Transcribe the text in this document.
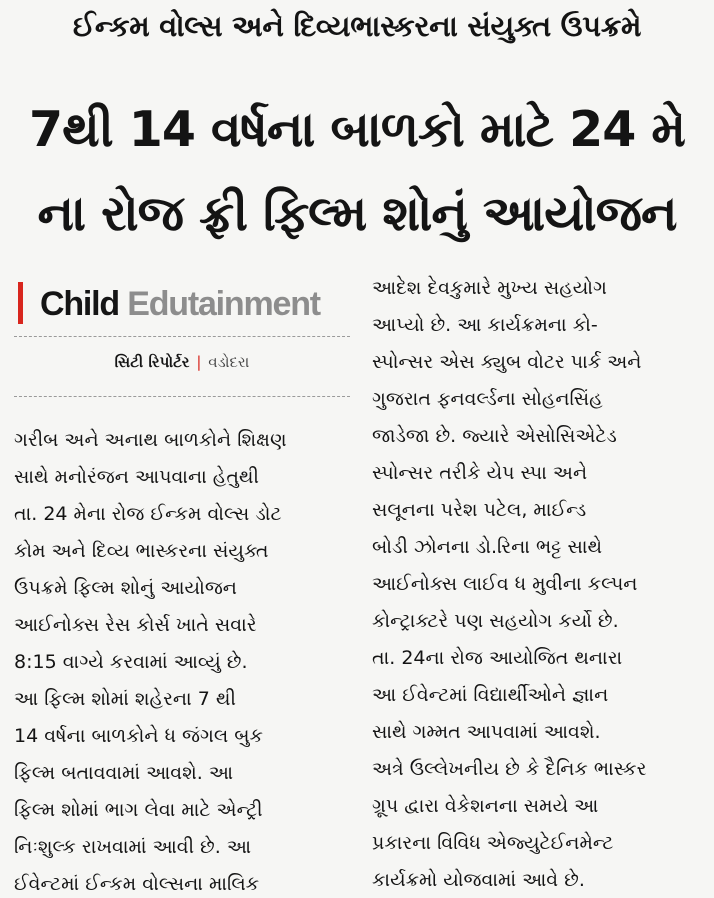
ઈન્કમ વોલ્સ અને દિવ્યભાસ્કરના સંયુક્ત ઉપક્રમે
7થી 14 વર્ષના બાળકો માટે 24 મે
ના રોજ ફ્રી ફિલ્મ શોનું આયોજન
Child Edutainment
સિટી રિપોર્ટર | વડોદરા
ગરીબ અને અનાથ બાળકોને શિક્ષણ
સાથે મનોરંજન આપવાના હેતુથી
તા. 24 મેના રોજ ઈન્કમ વોલ્સ ડોટ
કોમ અને દિવ્ય ભાસ્કરના સંયુક્ત
ઉપક્રમે ફિલ્મ શોનું આયોજન
આઈનોક્સ રેસ કોર્સ ખાતે સવારે
8:15 વાગ્યે કરવામાં આવ્યું છે.
આ ફિલ્મ શોમાં શહેરના 7 થી
14 વર્ષના બાળકોને ધ જંગલ બુક
ફિલ્મ બતાવવામાં આવશે. આ
ફિલ્મ શોમાં ભાગ લેવા માટે એન્ટ્રી
નિઃશુલ્ક રાખવામાં આવી છે. આ
ઈવેન્ટમાં ઈન્કમ વોલ્સના માલિક
આદેશ દેવકુમારે મુખ્ય સહયોગ
આપ્યો છે. આ કાર્યક્રમના કો-
સ્પોન્સર એસ ક્યુબ વોટર પાર્ક અને
ગુજરાત ફનવર્લ્ડના સોહનસિંહ
જાડેજા છે. જ્યારે એસોસિએટેડ
સ્પોન્સર તરીકે યેપ સ્પા અને
સલૂનના પરેશ પટેલ, માઈન્ડ
બોડી ઝોનના ડો.રિના ભટ્ટ સાથે
આઈનોક્સ લાઈવ ધ મુવીના કલ્પન
કોન્ટ્રાક્ટરે પણ સહયોગ કર્યો છે.
તા. 24ના રોજ આયોજિત થનારા
આ ઈવેન્ટમાં વિદ્યાર્થીઓને જ્ઞાન
સાથે ગમ્મત આપવામાં આવશે.
અત્રે ઉલ્લેખનીય છે કે દૈનિક ભાસ્કર
ગ્રૂપ દ્વારા વેકેશનના સમયે આ
પ્રકારના વિવિધ એજ્યુટેઈનમેન્ટ
કાર્યક્રમો યોજવામાં આવે છે.
